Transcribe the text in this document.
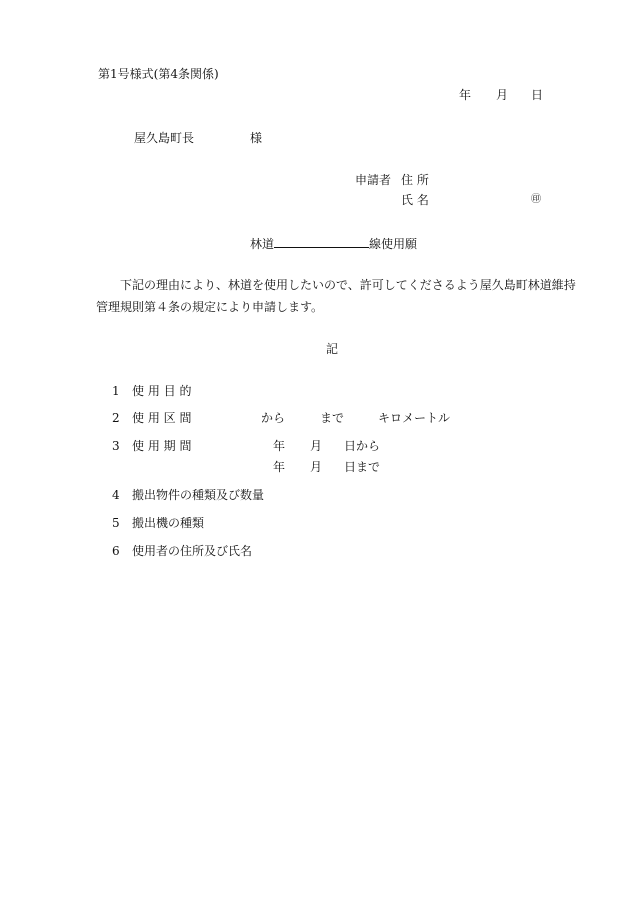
第1号様式(第4条関係)
年 月 日
屋久島町長	様
申請者 住 所
氏 名	㊞
林道	線使用願
下記の理由により、林道を使用したいので、許可してくださるよう屋久島町林道維持管理規則第４条の規定により申請します。
記
1 使 用 目 的
2 使 用 区 間	から	まで	キロメートル
3 使 用 期 間	年 月 日から
年 月 日まで
4 搬出物件の種類及び数量
5 搬出機の種類
6 使用者の住所及び氏名
